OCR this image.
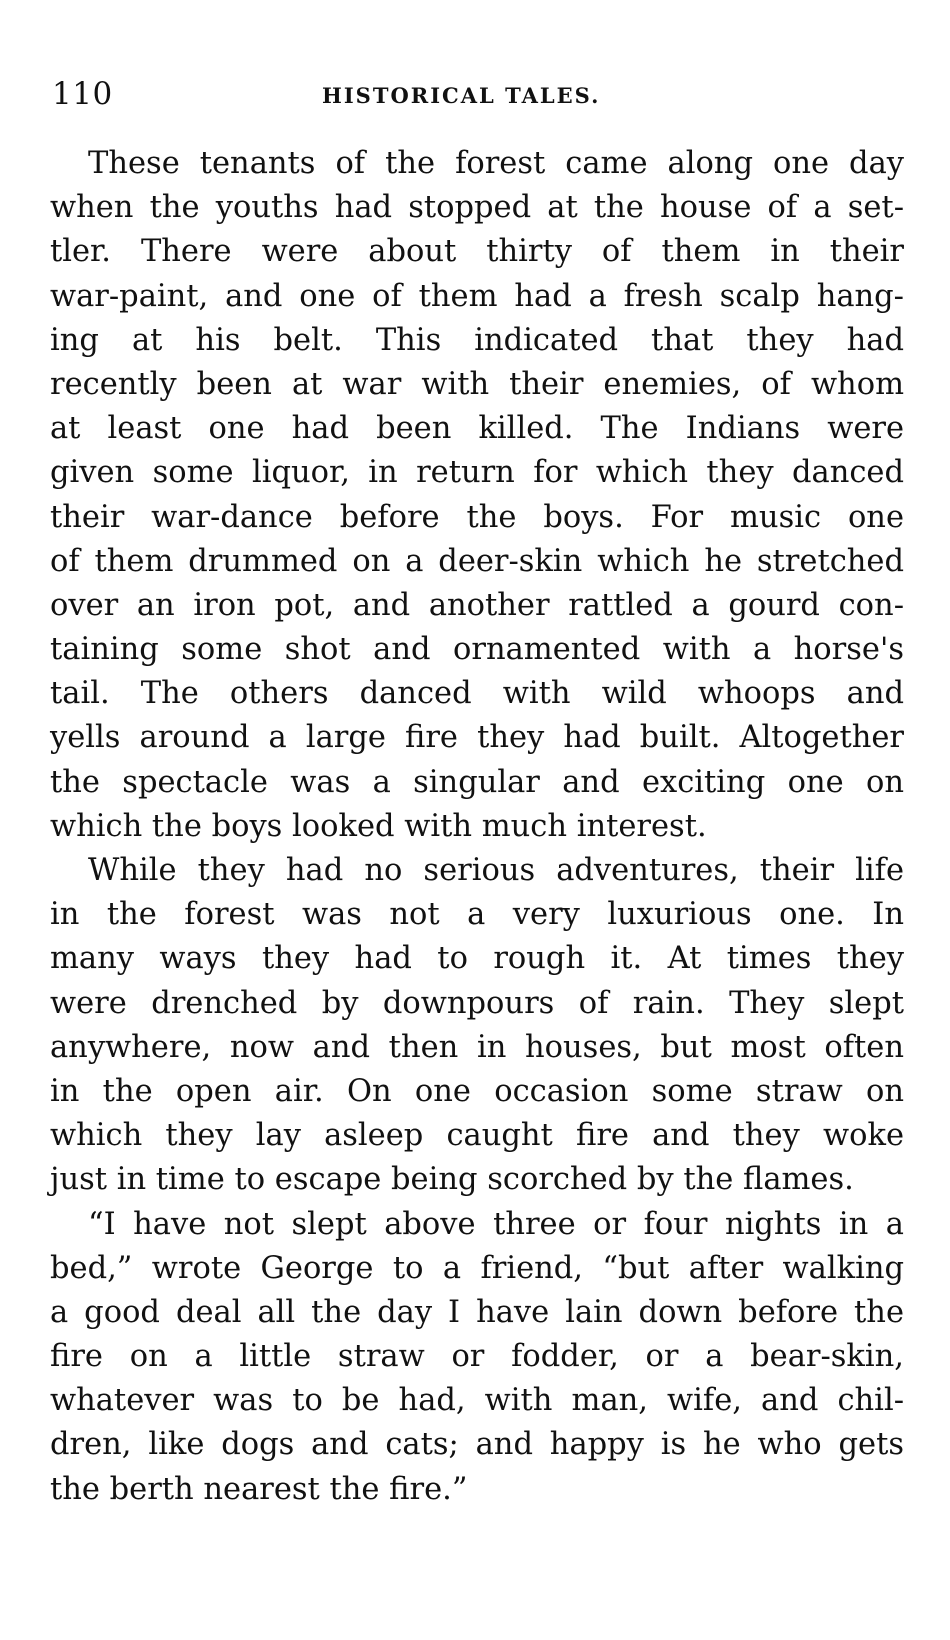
110	HISTORICAL TALES.

These tenants of the forest came along one day
when the youths had stopped at the house of a set-
tler. There were about thirty of them in their
war-paint, and one of them had a fresh scalp hang-
ing at his belt. This indicated that they had
recently been at war with their enemies, of whom
at least one had been killed. The Indians were
given some liquor, in return for which they danced
their war-dance before the boys. For music one
of them drummed on a deer-skin which he stretched
over an iron pot, and another rattled a gourd con-
taining some shot and ornamented with a horse's
tail. The others danced with wild whoops and
yells around a large fire they had built. Altogether
the spectacle was a singular and exciting one on
which the boys looked with much interest.

While they had no serious adventures, their life
in the forest was not a very luxurious one. In
many ways they had to rough it. At times they
were drenched by downpours of rain. They slept
anywhere, now and then in houses, but most often
in the open air. On one occasion some straw on
which they lay asleep caught fire and they woke
just in time to escape being scorched by the flames.

“I have not slept above three or four nights in a
bed,” wrote George to a friend, “but after walking
a good deal all the day I have lain down before the
fire on a little straw or fodder, or a bear-skin,
whatever was to be had, with man, wife, and chil-
dren, like dogs and cats; and happy is he who gets
the berth nearest the fire.”
